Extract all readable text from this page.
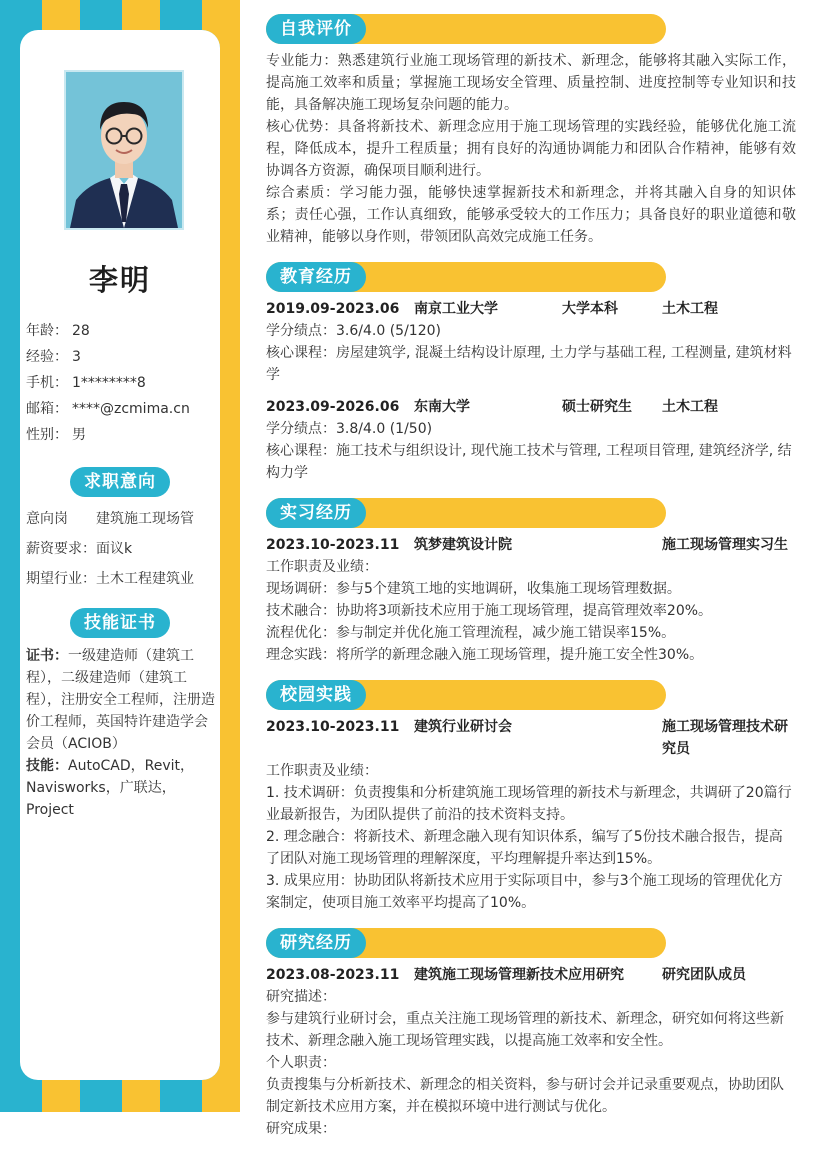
李明
年龄： 28
经验： 3
手机： 1********8
邮箱： ****@zcmima.cn
性别： 男
求职意向
意向岗 建筑施工现场管
薪资要求：面议k
期望行业：土木工程建筑业
技能证书
证书：一级建造师（建筑工程），二级建造师（建筑工程），注册安全工程师，注册造价工程师，英国特许建造学会会员（ACIOB）
技能：AutoCAD，Revit，Navisworks，广联达，Project
自我评价
专业能力：熟悉建筑行业施工现场管理的新技术、新理念，能够将其融入实际工作，提高施工效率和质量；掌握施工现场安全管理、质量控制、进度控制等专业知识和技能，具备解决施工现场复杂问题的能力。
核心优势：具备将新技术、新理念应用于施工现场管理的实践经验，能够优化施工流程，降低成本，提升工程质量；拥有良好的沟通协调能力和团队合作精神，能够有效协调各方资源，确保项目顺利进行。
综合素质：学习能力强，能够快速掌握新技术和新理念，并将其融入自身的知识体系；责任心强，工作认真细致，能够承受较大的工作压力；具备良好的职业道德和敬业精神，能够以身作则，带领团队高效完成施工任务。
教育经历
2019.09-2023.06 南京工业大学	大学本科	土木工程
学分绩点：3.6/4.0 (5/120)
核心课程：房屋建筑学, 混凝土结构设计原理, 土力学与基础工程, 工程测量, 建筑材料学
2023.09-2026.06 东南大学	硕士研究生 土木工程
学分绩点：3.8/4.0 (1/50)
核心课程：施工技术与组织设计, 现代施工技术与管理, 工程项目管理, 建筑经济学, 结构力学
实习经历
2023.10-2023.11 筑梦建筑设计院	施工现场管理实习生
工作职责及业绩：
现场调研：参与5个建筑工地的实地调研，收集施工现场管理数据。
技术融合：协助将3项新技术应用于施工现场管理，提高管理效率20%。
流程优化：参与制定并优化施工管理流程，减少施工错误率15%。
理念实践：将所学的新理念融入施工现场管理，提升施工安全性30%。
校园实践
2023.10-2023.11 建筑行业研讨会	施工现场管理技术研究员
工作职责及业绩：
1. 技术调研：负责搜集和分析建筑施工现场管理的新技术与新理念，共调研了20篇行业最新报告，为团队提供了前沿的技术资料支持。
2. 理念融合：将新技术、新理念融入现有知识体系，编写了5份技术融合报告，提高了团队对施工现场管理的理解深度，平均理解提升率达到15%。
3. 成果应用：协助团队将新技术应用于实际项目中，参与3个施工现场的管理优化方案制定，使项目施工效率平均提高了10%。
研究经历
2023.08-2023.11 建筑施工现场管理新技术应用研究	研究团队成员
研究描述：
参与建筑行业研讨会，重点关注施工现场管理的新技术、新理念，研究如何将这些新技术、新理念融入施工现场管理实践，以提高施工效率和安全性。
个人职责：
负责搜集与分析新技术、新理念的相关资料，参与研讨会并记录重要观点，协助团队制定新技术应用方案，并在模拟环境中进行测试与优化。
研究成果：
